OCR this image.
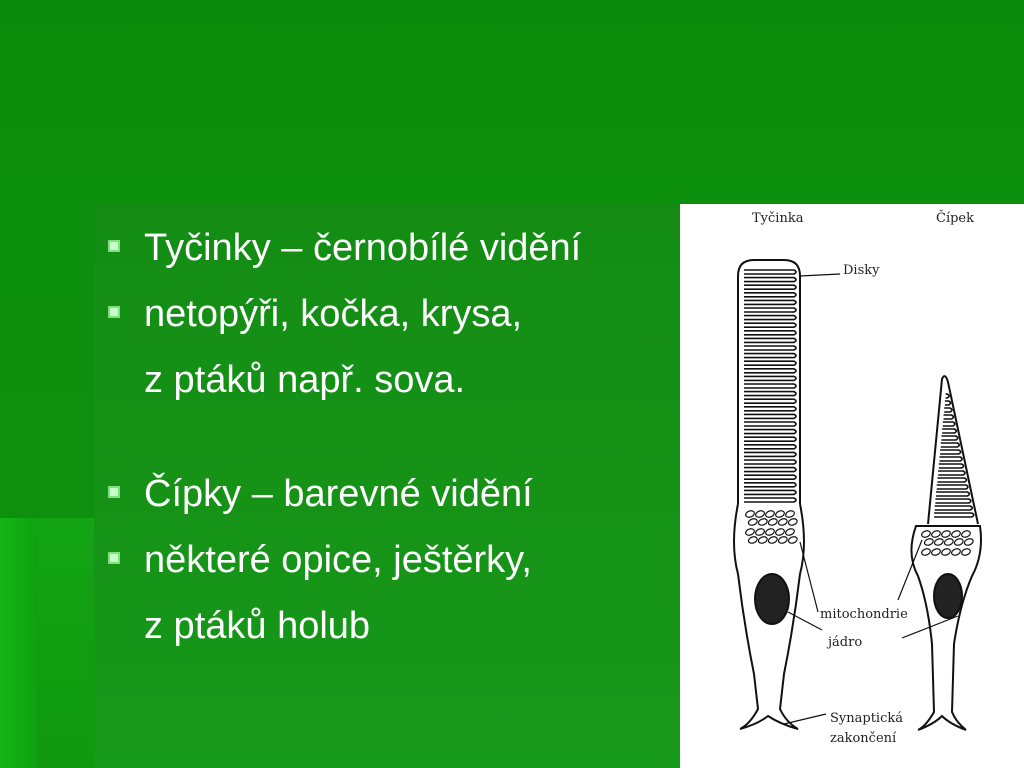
Tyčinky – černobílé vidění
netopýři, kočka, krysa,
z ptáků např. sova.
Čípky – barevné vidění
některé opice, ještěrky,
z ptáků holub
Tyčinka	Čípek
Disky
mitochondrie
jádro
Synaptická
zakončení
